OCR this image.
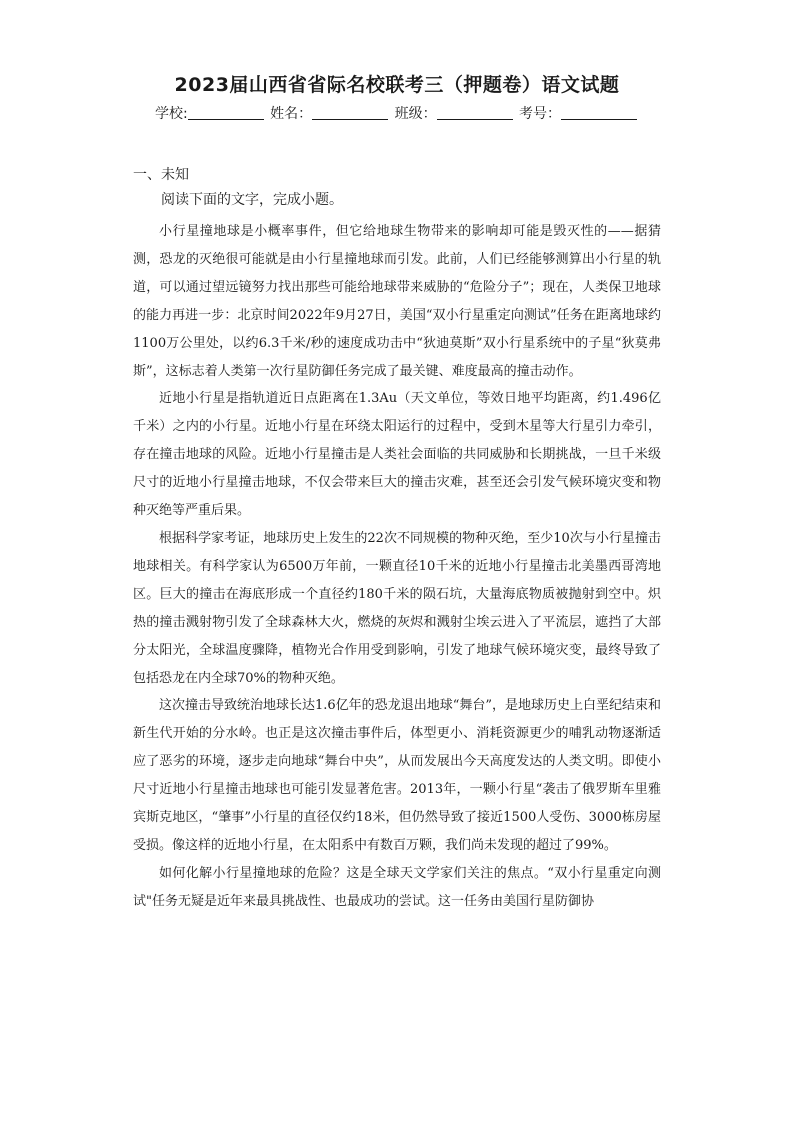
2023届山西省省际名校联考三（押题卷）语文试题
学校:	姓名：	班级：	考号：
一、未知
阅读下面的文字，完成小题。

小行星撞地球是小概率事件，但它给地球生物带来的影响却可能是毁灭性的——据猜测，恐龙的灭绝很可能就是由小行星撞地球而引发。此前，人们已经能够测算出小行星的轨道，可以通过望远镜努力找出那些可能给地球带来威胁的“危险分子”；现在，人类保卫地球的能力再进一步：北京时间2022年9月27日，美国“双小行星重定向测试”任务在距离地球约1100万公里处，以约6.3千米/秒的速度成功击中“狄迪莫斯”双小行星系统中的子星“狄莫弗斯”，这标志着人类第一次行星防御任务完成了最关键、难度最高的撞击动作。

近地小行星是指轨道近日点距离在1.3Au（天文单位，等效日地平均距离，约1.496亿千米）之内的小行星。近地小行星在环绕太阳运行的过程中，受到木星等大行星引力牵引，存在撞击地球的风险。近地小行星撞击是人类社会面临的共同威胁和长期挑战，一旦千米级尺寸的近地小行星撞击地球，不仅会带来巨大的撞击灾难，甚至还会引发气候环境灾变和物种灭绝等严重后果。

根据科学家考证，地球历史上发生的22次不同规模的物种灭绝，至少10次与小行星撞击地球相关。有科学家认为6500万年前，一颗直径10千米的近地小行星撞击北美墨西哥湾地区。巨大的撞击在海底形成一个直径约180千米的陨石坑，大量海底物质被抛射到空中。炽热的撞击溅射物引发了全球森林大火，燃烧的灰烬和溅射尘埃云进入了平流层，遮挡了大部分太阳光，全球温度骤降，植物光合作用受到影响，引发了地球气候环境灾变，最终导致了包括恐龙在内全球70%的物种灭绝。

这次撞击导致统治地球长达1.6亿年的恐龙退出地球“舞台”，是地球历史上白垩纪结束和新生代开始的分水岭。也正是这次撞击事件后，体型更小、消耗资源更少的哺乳动物逐渐适应了恶劣的环境，逐步走向地球“舞台中央”，从而发展出今天高度发达的人类文明。即使小尺寸近地小行星撞击地球也可能引发显著危害。2013年，一颗小行星“袭击了俄罗斯车里雅宾斯克地区，“肇事”小行星的直径仅约18米，但仍然导致了接近1500人受伤、3000栋房屋受损。像这样的近地小行星，在太阳系中有数百万颗，我们尚未发现的超过了99%。

如何化解小行星撞地球的危险？这是全球天文学家们关注的焦点。“双小行星重定向测试"任务无疑是近年来最具挑战性、也最成功的尝试。这一任务由美国行星防御协
